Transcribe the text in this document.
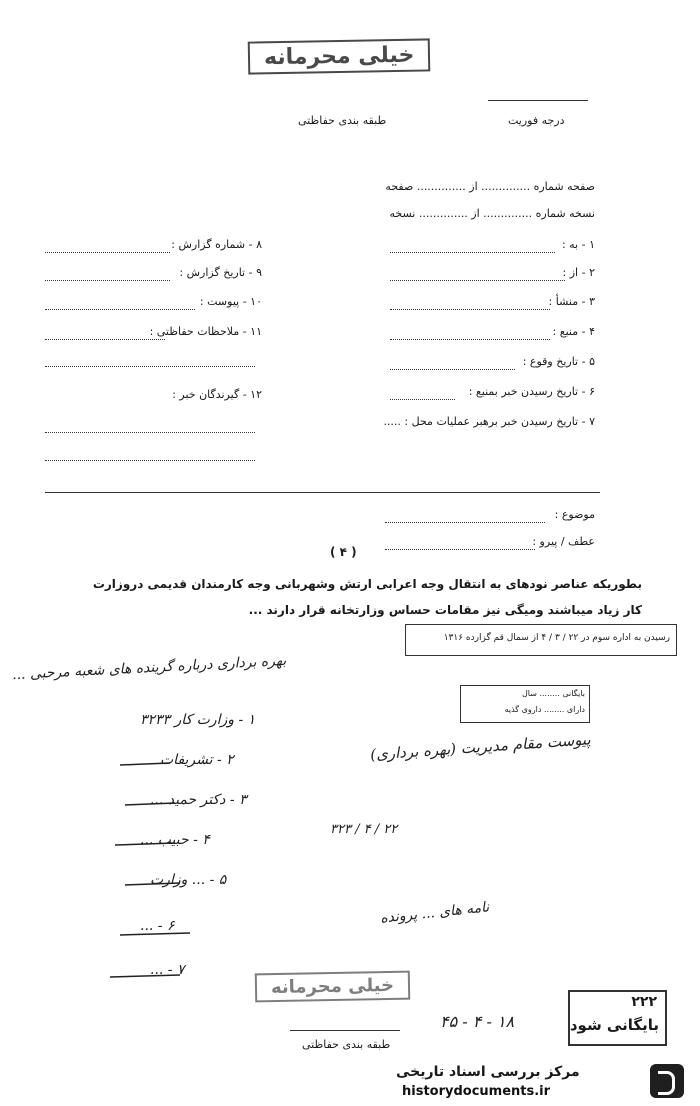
خیلی محرمانه
درجه فوریت
طبقه بندی حفاظتی
صفحه شماره .............. از .............. صفحه
نسخه شماره .............. از .............. نسخه
۱ - به :
۲ - از :
۳ - منشأ :
۴ - منبع :
۵ - تاریخ وقوع :
۶ - تاریخ رسیدن خبر بمنبع :
۷ - تاریخ رسیدن خبر برهبر عملیات محل : .....
۸ - شماره گزارش :
۹ - تاریخ گزارش :
۱۰ - پیوست :
۱۱ - ملاحظات حفاظتی :
۱۲ - گیرندگان خبر :
موضوع :
عطف / پیرو :
( ۴ )
بطوریکه عناصر نودهای به انتقال وجه اعرابی ارتش وشهربانی وجه کارمندان قدیمی دروزارت
کار زیاد میباشند ومیگی نیز مقامات حساس وزارتخانه قرار دارند ...
رسیدن به اداره سوم در ۲۲ / ۳ / ۴ از سمال قم گزارده ۱۳۱۶
بایگانی ........ سال
دارای ........ داروی گذیه
بهره برداری درباره گرینده های شعبه مرحبی ...
۱ - وزارت کار ۳۲۳۳
۲ - تشریفات
۳ - دکتر حمید ...
۴ - حبیب ...
۵ - ... وزارت
۶ - ...
۷ - ...
پیوست مقام مدیریت (بهره برداری)
۲۲ / ۴ / ۳۲۳
نامه های ... پرونده
خیلی محرمانه
۲۲۲
بایگانی شود
۱۸ - ۴ - ۴۵
طبقه بندی حفاظتی
مرکز بررسی اسناد تاریخی
historydocuments.ir
